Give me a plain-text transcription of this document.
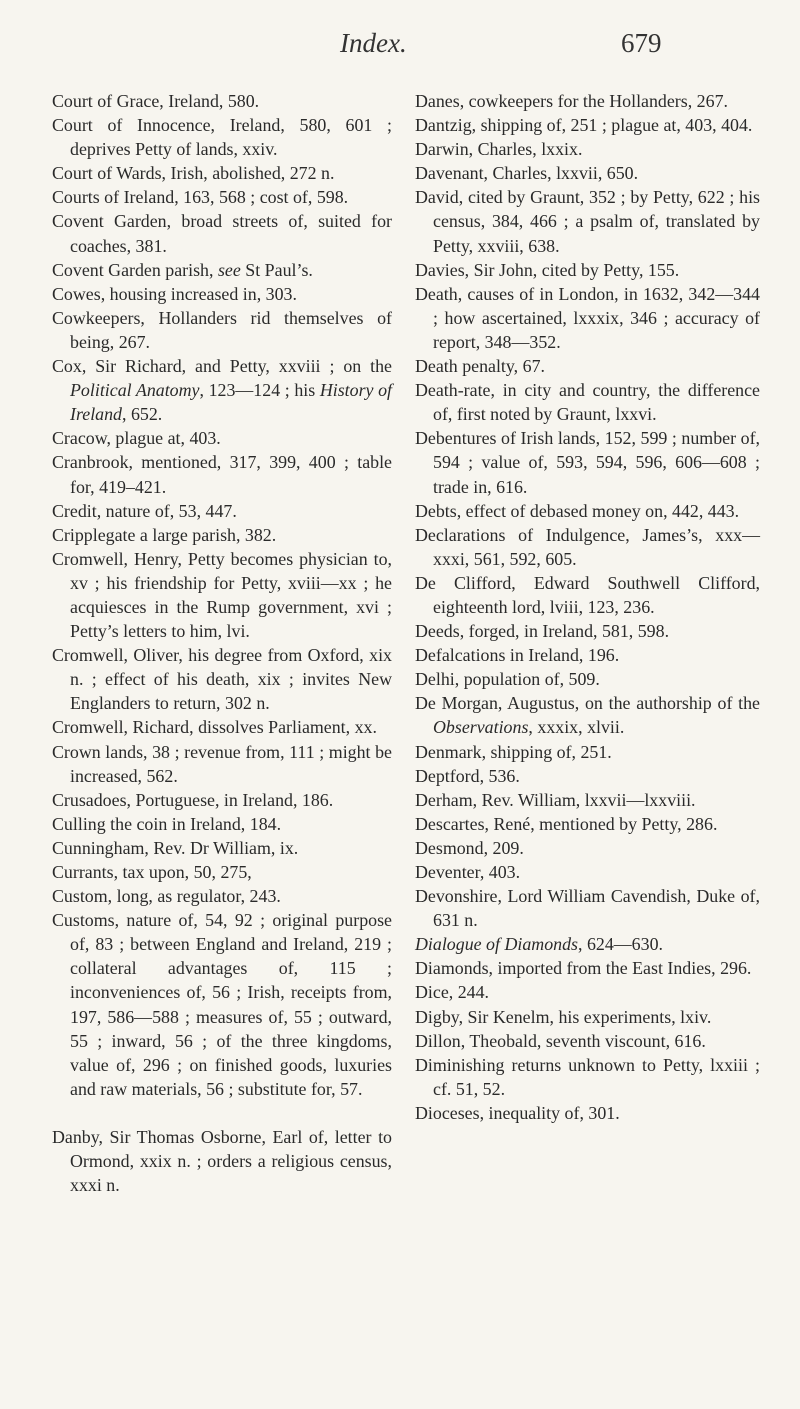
Index.	679
Court of Grace, Ireland, 580.
Court of Innocence, Ireland, 580, 601 ; deprives Petty of lands, xxiv.
Court of Wards, Irish, abolished, 272 n.
Courts of Ireland, 163, 568 ; cost of, 598.
Covent Garden, broad streets of, suited for coaches, 381.
Covent Garden parish, see St Paul’s.
Cowes, housing increased in, 303.
Cowkeepers, Hollanders rid themselves of being, 267.
Cox, Sir Richard, and Petty, xxviii ; on the Political Anatomy, 123—124 ; his History of Ireland, 652.
Cracow, plague at, 403.
Cranbrook, mentioned, 317, 399, 400 ; table for, 419–421.
Credit, nature of, 53, 447.
Cripplegate a large parish, 382.
Cromwell, Henry, Petty becomes physician to, xv ; his friendship for Petty, xviii—xx ; he acquiesces in the Rump government, xvi ; Petty’s letters to him, lvi.
Cromwell, Oliver, his degree from Oxford, xix n. ; effect of his death, xix ; invites New Englanders to return, 302 n.
Cromwell, Richard, dissolves Parliament, xx.
Crown lands, 38 ; revenue from, 111 ; might be increased, 562.
Crusadoes, Portuguese, in Ireland, 186.
Culling the coin in Ireland, 184.
Cunningham, Rev. Dr William, ix.
Currants, tax upon, 50, 275,
Custom, long, as regulator, 243.
Customs, nature of, 54, 92 ; original purpose of, 83 ; between England and Ireland, 219 ; collateral advantages of, 115 ; inconveniences of, 56 ; Irish, receipts from, 197, 586—588 ; measures of, 55 ; outward, 55 ; inward, 56 ; of the three kingdoms, value of, 296 ; on finished goods, luxuries and raw materials, 56 ; substitute for, 57.
Danby, Sir Thomas Osborne, Earl of, letter to Ormond, xxix n. ; orders a religious census, xxxi n.
Danes, cowkeepers for the Hollanders, 267.
Dantzig, shipping of, 251 ; plague at, 403, 404.
Darwin, Charles, lxxix.
Davenant, Charles, lxxvii, 650.
David, cited by Graunt, 352 ; by Petty, 622 ; his census, 384, 466 ; a psalm of, translated by Petty, xxviii, 638.
Davies, Sir John, cited by Petty, 155.
Death, causes of in London, in 1632, 342—344 ; how ascertained, lxxxix, 346 ; accuracy of report, 348—352.
Death penalty, 67.
Death-rate, in city and country, the difference of, first noted by Graunt, lxxvi.
Debentures of Irish lands, 152, 599 ; number of, 594 ; value of, 593, 594, 596, 606—608 ; trade in, 616.
Debts, effect of debased money on, 442, 443.
Declarations of Indulgence, James’s, xxx—xxxi, 561, 592, 605.
De Clifford, Edward Southwell Clifford, eighteenth lord, lviii, 123, 236.
Deeds, forged, in Ireland, 581, 598.
Defalcations in Ireland, 196.
Delhi, population of, 509.
De Morgan, Augustus, on the authorship of the Observations, xxxix, xlvii.
Denmark, shipping of, 251.
Deptford, 536.
Derham, Rev. William, lxxvii—lxxviii.
Descartes, René, mentioned by Petty, 286.
Desmond, 209.
Deventer, 403.
Devonshire, Lord William Cavendish, Duke of, 631 n.
Dialogue of Diamonds, 624—630.
Diamonds, imported from the East Indies, 296.
Dice, 244.
Digby, Sir Kenelm, his experiments, lxiv.
Dillon, Theobald, seventh viscount, 616.
Diminishing returns unknown to Petty, lxxiii ; cf. 51, 52.
Dioceses, inequality of, 301.
